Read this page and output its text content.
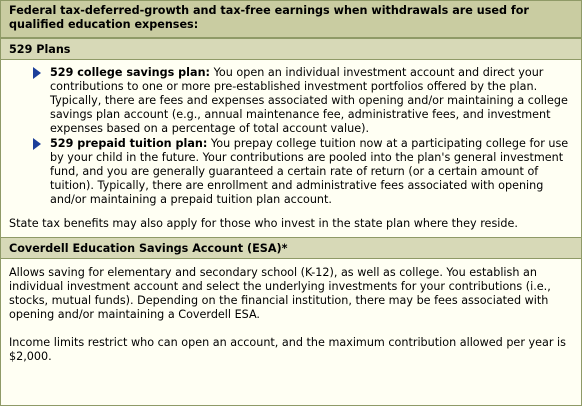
Federal tax-deferred-growth and tax-free earnings when withdrawals are used for qualified education expenses:
529 Plans
529 college savings plan: You open an individual investment account and direct your contributions to one or more pre-established investment portfolios offered by the plan. Typically, there are fees and expenses associated with opening and/or maintaining a college savings plan account (e.g., annual maintenance fee, administrative fees, and investment expenses based on a percentage of total account value).
529 prepaid tuition plan: You prepay college tuition now at a participating college for use by your child in the future. Your contributions are pooled into the plan's general investment fund, and you are generally guaranteed a certain rate of return (or a certain amount of tuition). Typically, there are enrollment and administrative fees associated with opening and/or maintaining a prepaid tuition plan account.

State tax benefits may also apply for those who invest in the state plan where they reside.

Coverdell Education Savings Account (ESA)*

Allows saving for elementary and secondary school (K-12), as well as college. You establish an individual investment account and select the underlying investments for your contributions (i.e., stocks, mutual funds). Depending on the financial institution, there may be fees associated with opening and/or maintaining a Coverdell ESA.

Income limits restrict who can open an account, and the maximum contribution allowed per year is $2,000.
